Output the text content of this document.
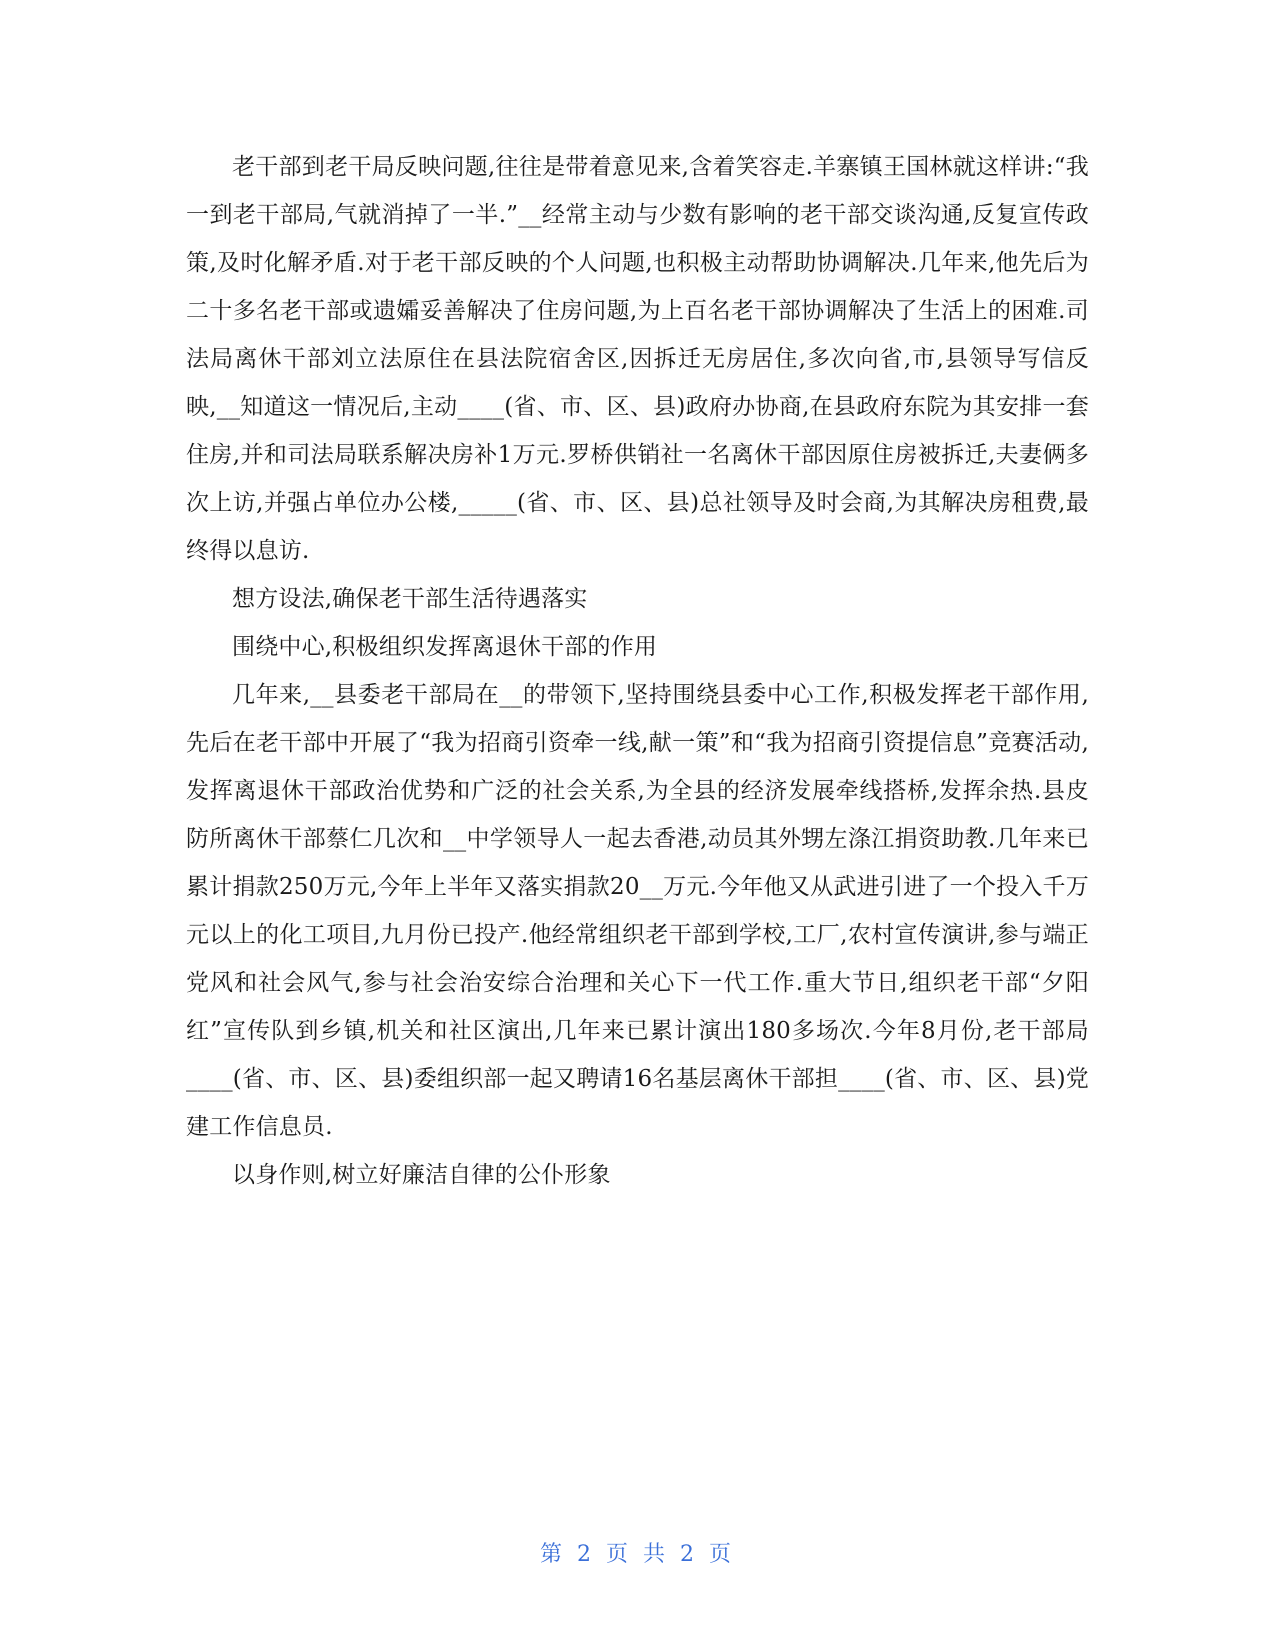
老干部到老干局反映问题,往往是带着意见来,含着笑容走.羊寨镇王国林就这样讲:“我一到老干部局,气就消掉了一半.”__经常主动与少数有影响的老干部交谈沟通,反复宣传政策,及时化解矛盾.对于老干部反映的个人问题,也积极主动帮助协调解决.几年来,他先后为二十多名老干部或遗孀妥善解决了住房问题,为上百名老干部协调解决了生活上的困难.司法局离休干部刘立法原住在县法院宿舍区,因拆迁无房居住,多次向省,市,县领导写信反映,__知道这一情况后,主动____(省、市、区、县)政府办协商,在县政府东院为其安排一套住房,并和司法局联系解决房补1万元.罗桥供销社一名离休干部因原住房被拆迁,夫妻俩多次上访,并强占单位办公楼,_____(省、市、区、县)总社领导及时会商,为其解决房租费,最终得以息访.

想方设法,确保老干部生活待遇落实

围绕中心,积极组织发挥离退休干部的作用

几年来,__县委老干部局在__的带领下,坚持围绕县委中心工作,积极发挥老干部作用,先后在老干部中开展了“我为招商引资牵一线,献一策”和“我为招商引资提信息”竞赛活动,发挥离退休干部政治优势和广泛的社会关系,为全县的经济发展牵线搭桥,发挥余热.县皮防所离休干部蔡仁几次和__中学领导人一起去香港,动员其外甥左涤江捐资助教.几年来已累计捐款250万元,今年上半年又落实捐款20__万元.今年他又从武进引进了一个投入千万元以上的化工项目,九月份已投产.他经常组织老干部到学校,工厂,农村宣传演讲,参与端正党风和社会风气,参与社会治安综合治理和关心下一代工作.重大节日,组织老干部“夕阳红”宣传队到乡镇,机关和社区演出,几年来已累计演出180多场次.今年8月份,老干部局____(省、市、区、县)委组织部一起又聘请16名基层离休干部担____(省、市、区、县)党建工作信息员.

以身作则,树立好廉洁自律的公仆形象

第 2 页 共 2 页
